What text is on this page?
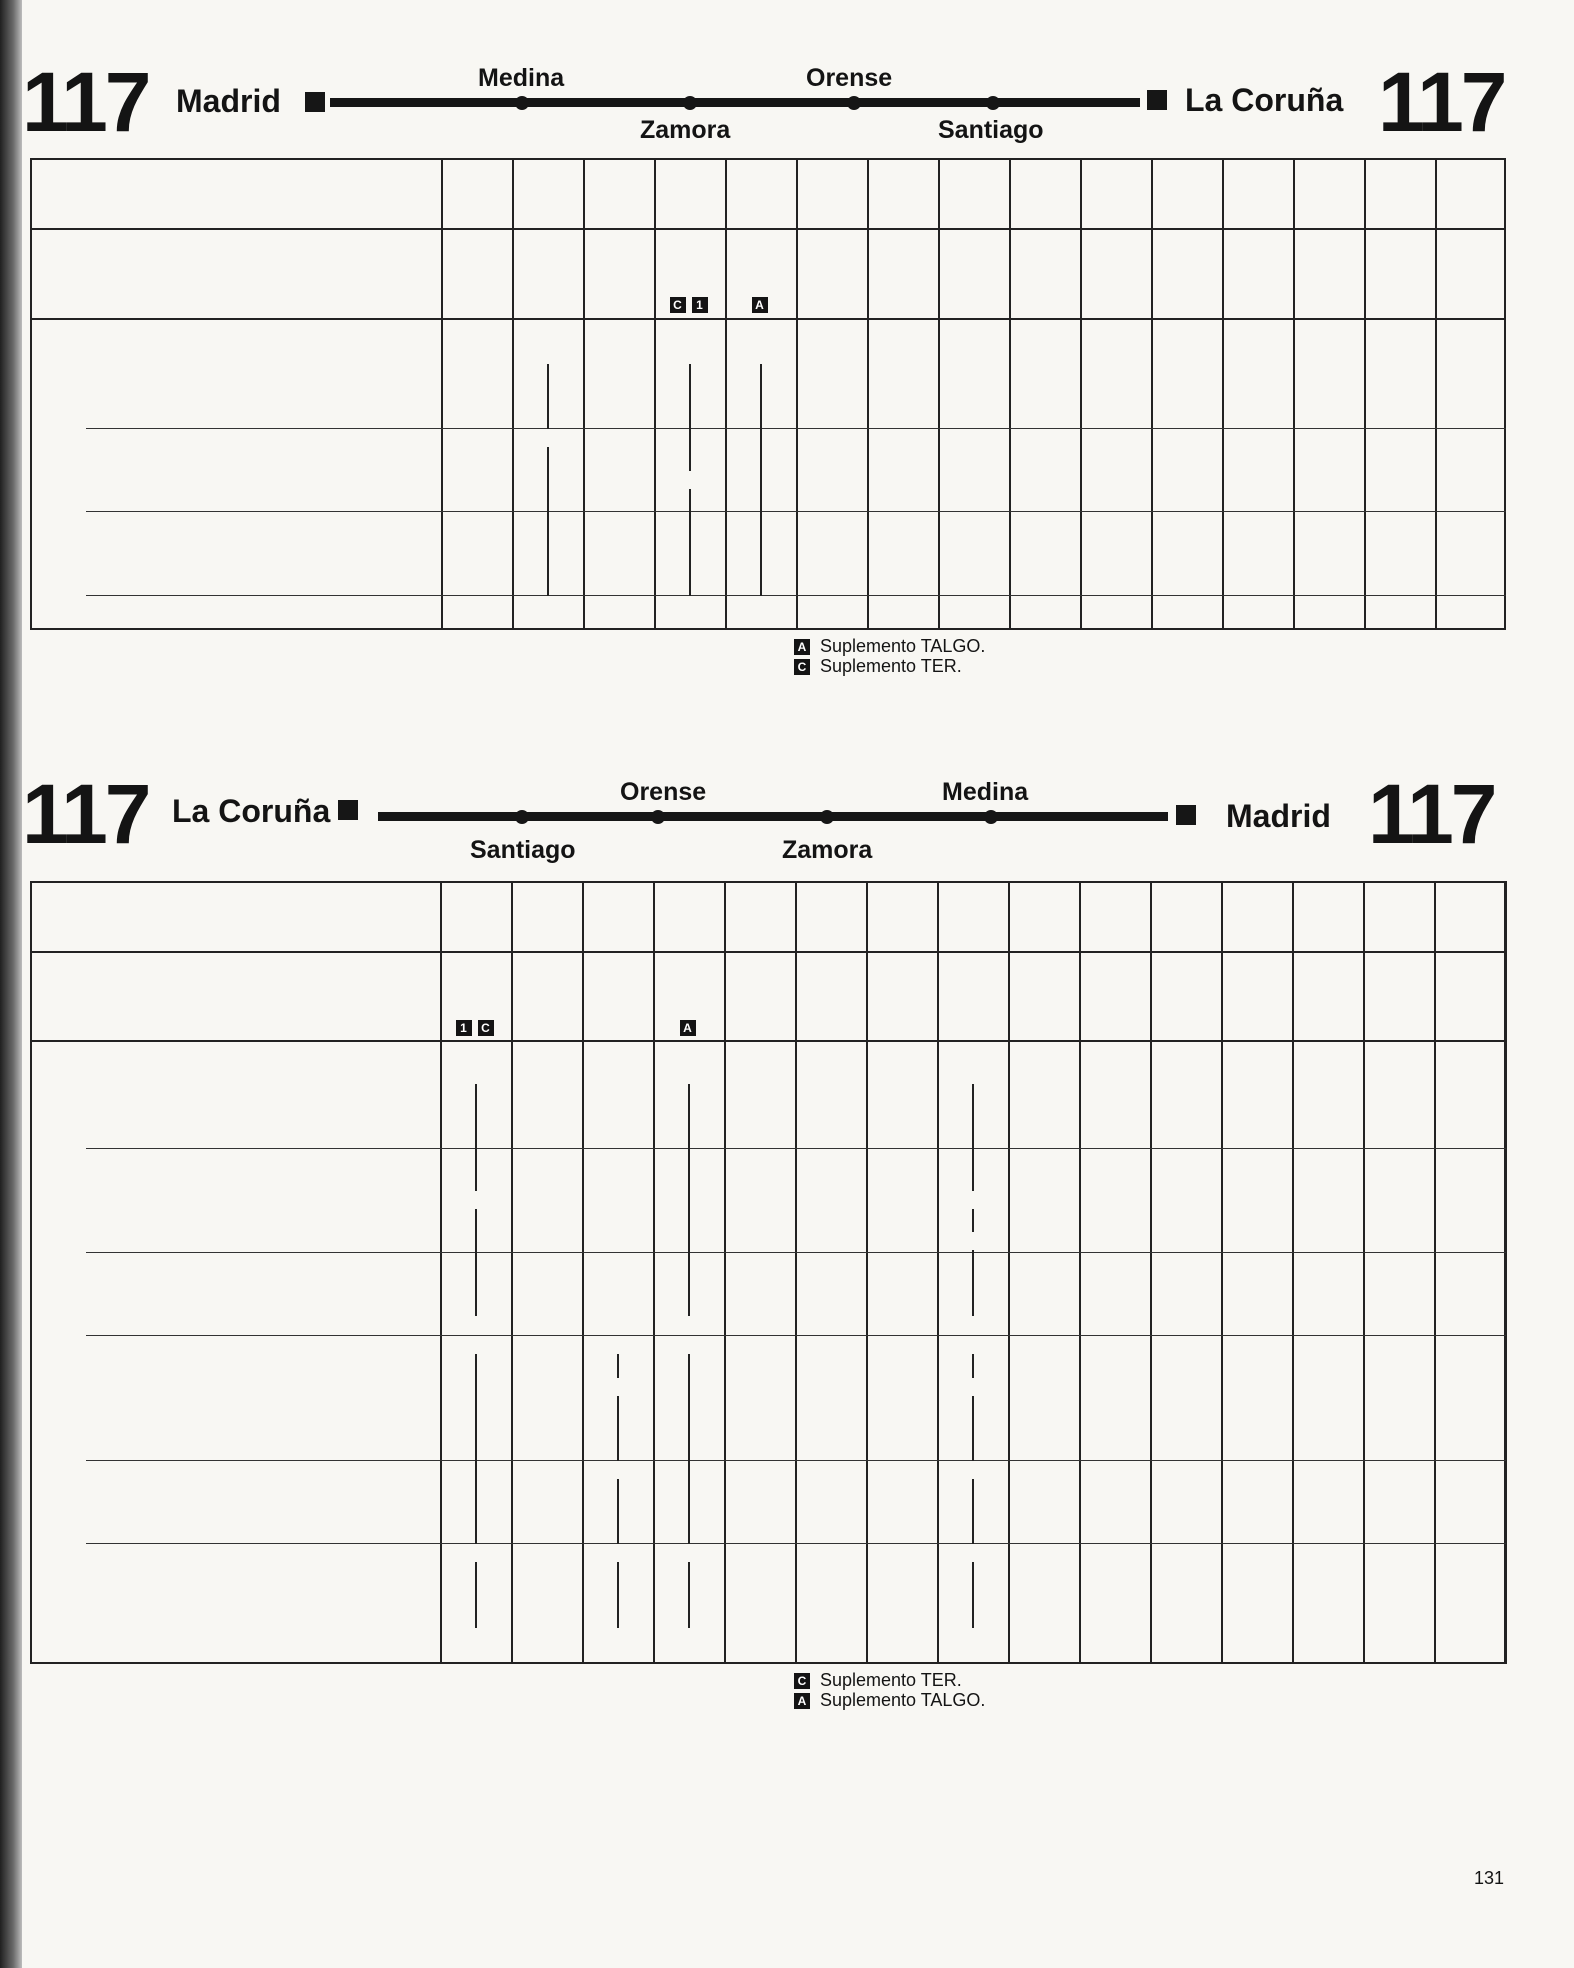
117	117
Madrid	La Coruña
Medina	Orense
Zamora	Santiago
117	117
La Coruña	Madrid
Orense	Medina
Santiago	Zamora
C	1	A
A Suplemento TALGO.
C Suplemento TER.
1	C	A
C Suplemento TER.
A Suplemento TALGO.
131
